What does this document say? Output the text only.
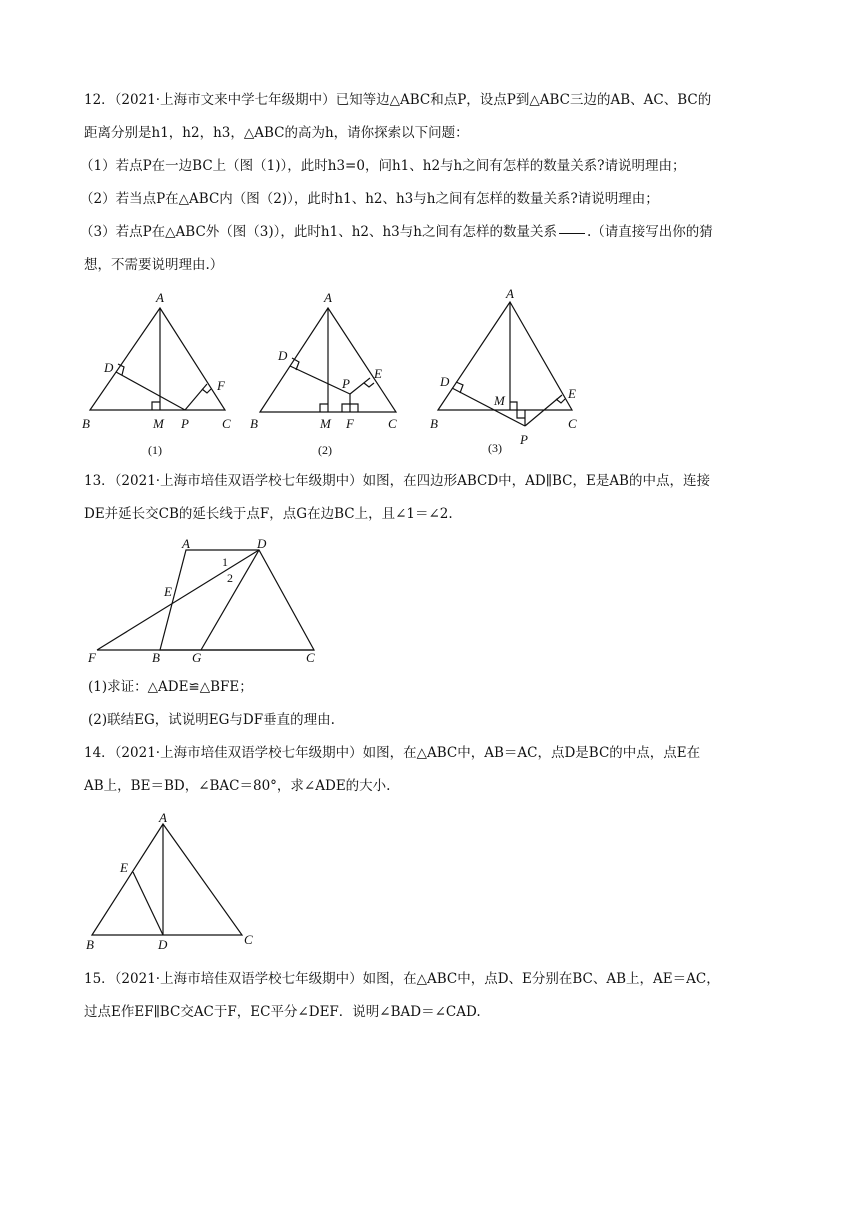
12．（2021·上海市文来中学七年级期中）已知等边△ABC和点P，设点P到△ABC三边的AB、AC、BC的

距离分别是h1，h2，h3，△ABC的高为h，请你探索以下问题：

（1）若点P在一边BC上（图（1)），此时h3=0，问h1、h2与h之间有怎样的数量关系?请说明理由；

（2）若当点P在△ABC内（图（2)），此时h1、h2、h3与h之间有怎样的数量关系?请说明理由；

（3）若点P在△ABC外（图（3)），此时h1、h2、h3与h之间有怎样的数量关系 .（请直接写出你的猜

想，不需要说明理由.）

A
B	C
D
F
M P
(1)
A
B	C
D
E
M F
P
(2)
A
B	C
D
E
M
P
(3)

13．（2021·上海市培佳双语学校七年级期中）如图，在四边形ABCD中，AD∥BC，E是AB的中点，连接

DE并延长交CB的延长线于点F，点G在边BC上，且∠1＝∠2.

A	D
E
F	B G	C
1
2

(1)求证：△ADE≌△BFE；

(2)联结EG，试说明EG与DF垂直的理由.

14．（2021·上海市培佳双语学校七年级期中）如图，在△ABC中，AB＝AC，点D是BC的中点，点E在

AB上，BE＝BD，∠BAC＝80°，求∠ADE的大小.

A
E
B	D	C

15．（2021·上海市培佳双语学校七年级期中）如图，在△ABC中，点D、E分别在BC、AB上，AE＝AC，

过点E作EF∥BC交AC于F，EC平分∠DEF．说明∠BAD＝∠CAD.
